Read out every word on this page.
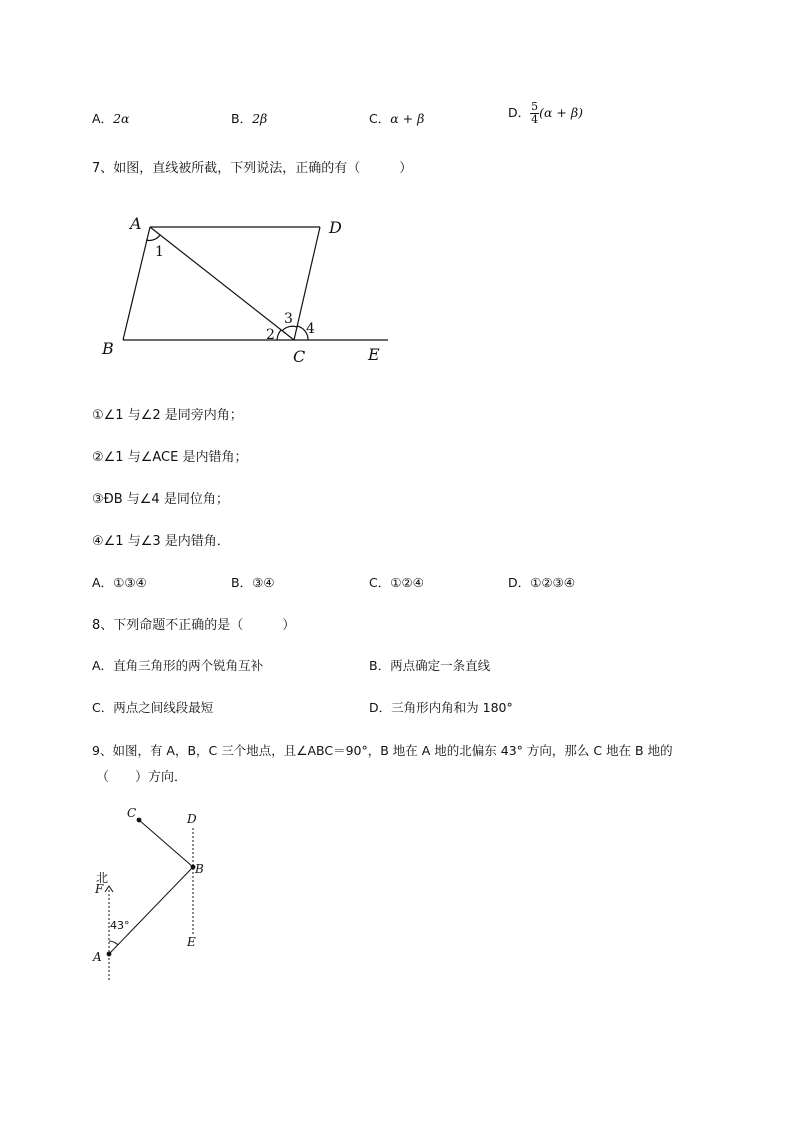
A．2α	B．2β	C．α + β	D． $\frac{5}{4} (\alpha + \beta)$
7、如图，直线被所截，下列说法，正确的有（　　　）
A	D
B	C	E
1
2
3
4
①∠1 与∠2 是同旁内角；
②∠1 与∠ACE 是内错角；
③ÐB 与∠4 是同位角；
④∠1 与∠3 是内错角．
A．①③④	B．③④	C．①②④	D．①②③④
8、下列命题不正确的是（　　　）
A．直角三角形的两个锐角互补	B．两点确定一条直线
C．两点之间线段最短	D．三角形内角和为 180°
9、如图，有 A，B，C 三个地点，且∠ABC＝90°，B 地在 A 地的北偏东 43° 方向，那么 C 地在 B 地的
（　　）方向．
C	D
B
F
E
A
北
43°
